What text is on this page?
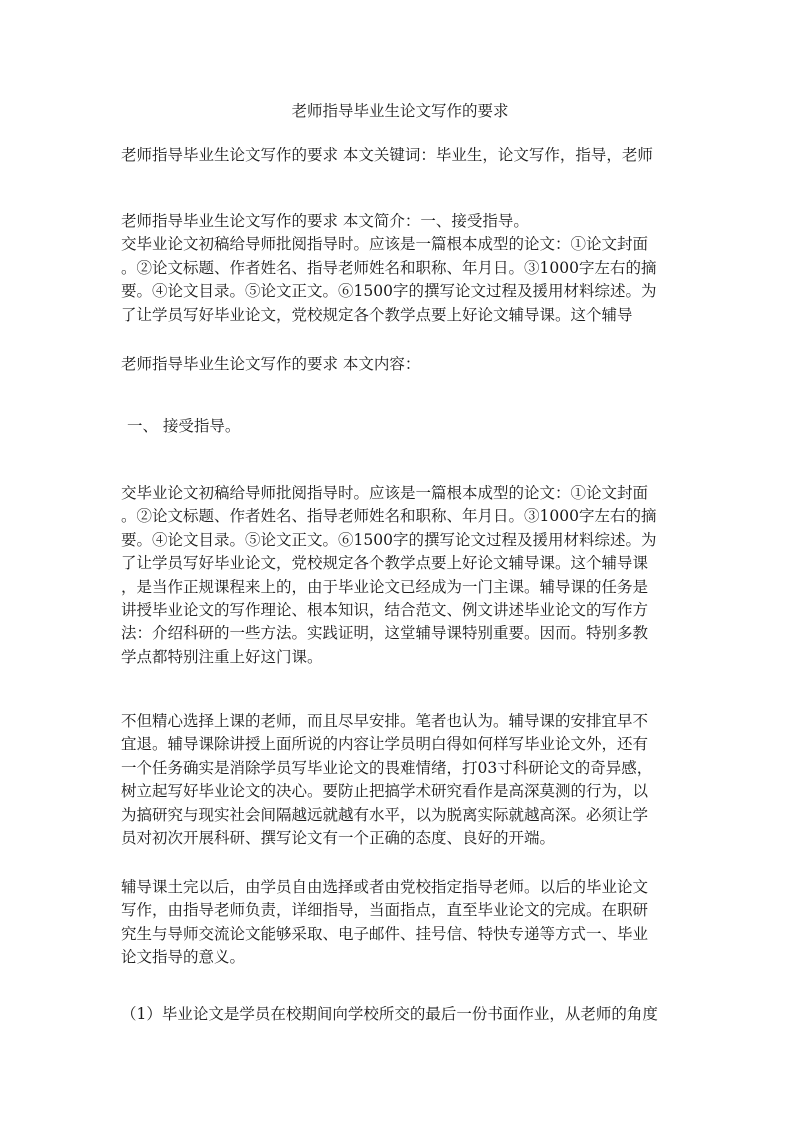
老师指导毕业生论文写作的要求
老师指导毕业生论文写作的要求 本文关键词：毕业生，论文写作，指导，老师
老师指导毕业生论文写作的要求 本文简介：一、接受指导。
交毕业论文初稿给导师批阅指导时。应该是一篇根本成型的论文：①论文封面
。②论文标题、作者姓名、指导老师姓名和职称、年月日。③1000字左右的摘
要。④论文目录。⑤论文正文。⑥1500字的撰写论文过程及援用材料综述。为
了让学员写好毕业论文，党校规定各个教学点要上好论文辅导课。这个辅导
老师指导毕业生论文写作的要求 本文内容：
一、 接受指导。
交毕业论文初稿给导师批阅指导时。应该是一篇根本成型的论文：①论文封面
。②论文标题、作者姓名、指导老师姓名和职称、年月日。③1000字左右的摘
要。④论文目录。⑤论文正文。⑥1500字的撰写论文过程及援用材料综述。为
了让学员写好毕业论文，党校规定各个教学点要上好论文辅导课。这个辅导课
，是当作正规课程来上的，由于毕业论文已经成为一门主课。辅导课的任务是
讲授毕业论文的写作理论、根本知识，结合范文、例文讲述毕业论文的写作方
法：介绍科研的一些方法。实践证明，这堂辅导课特别重要。因而。特别多教
学点都特别注重上好这门课。
不但精心选择上课的老师，而且尽早安排。笔者也认为。辅导课的安排宜早不
宜退。辅导课除讲授上面所说的内容让学员明白得如何样写毕业论文外，还有
一个任务确实是消除学员写毕业论文的畏难情绪，打03寸科研论文的奇异感，
树立起写好毕业论文的决心。要防止把搞学术研究看作是高深莫测的行为，以
为搞研究与现实社会间隔越远就越有水平，以为脱离实际就越高深。必须让学
员对初次开展科研、撰写论文有一个正确的态度、良好的开端。
辅导课土完以后，由学员自由选择或者由党校指定指导老师。以后的毕业论文
写作，由指导老师负责，详细指导，当面指点，直至毕业论文的完成。在职研
究生与导师交流论文能够采取、电子邮件、挂号信、特快专递等方式一、毕业
论文指导的意义。
（1）毕业论文是学员在校期间向学校所交的最后一份书面作业，从老师的角度
